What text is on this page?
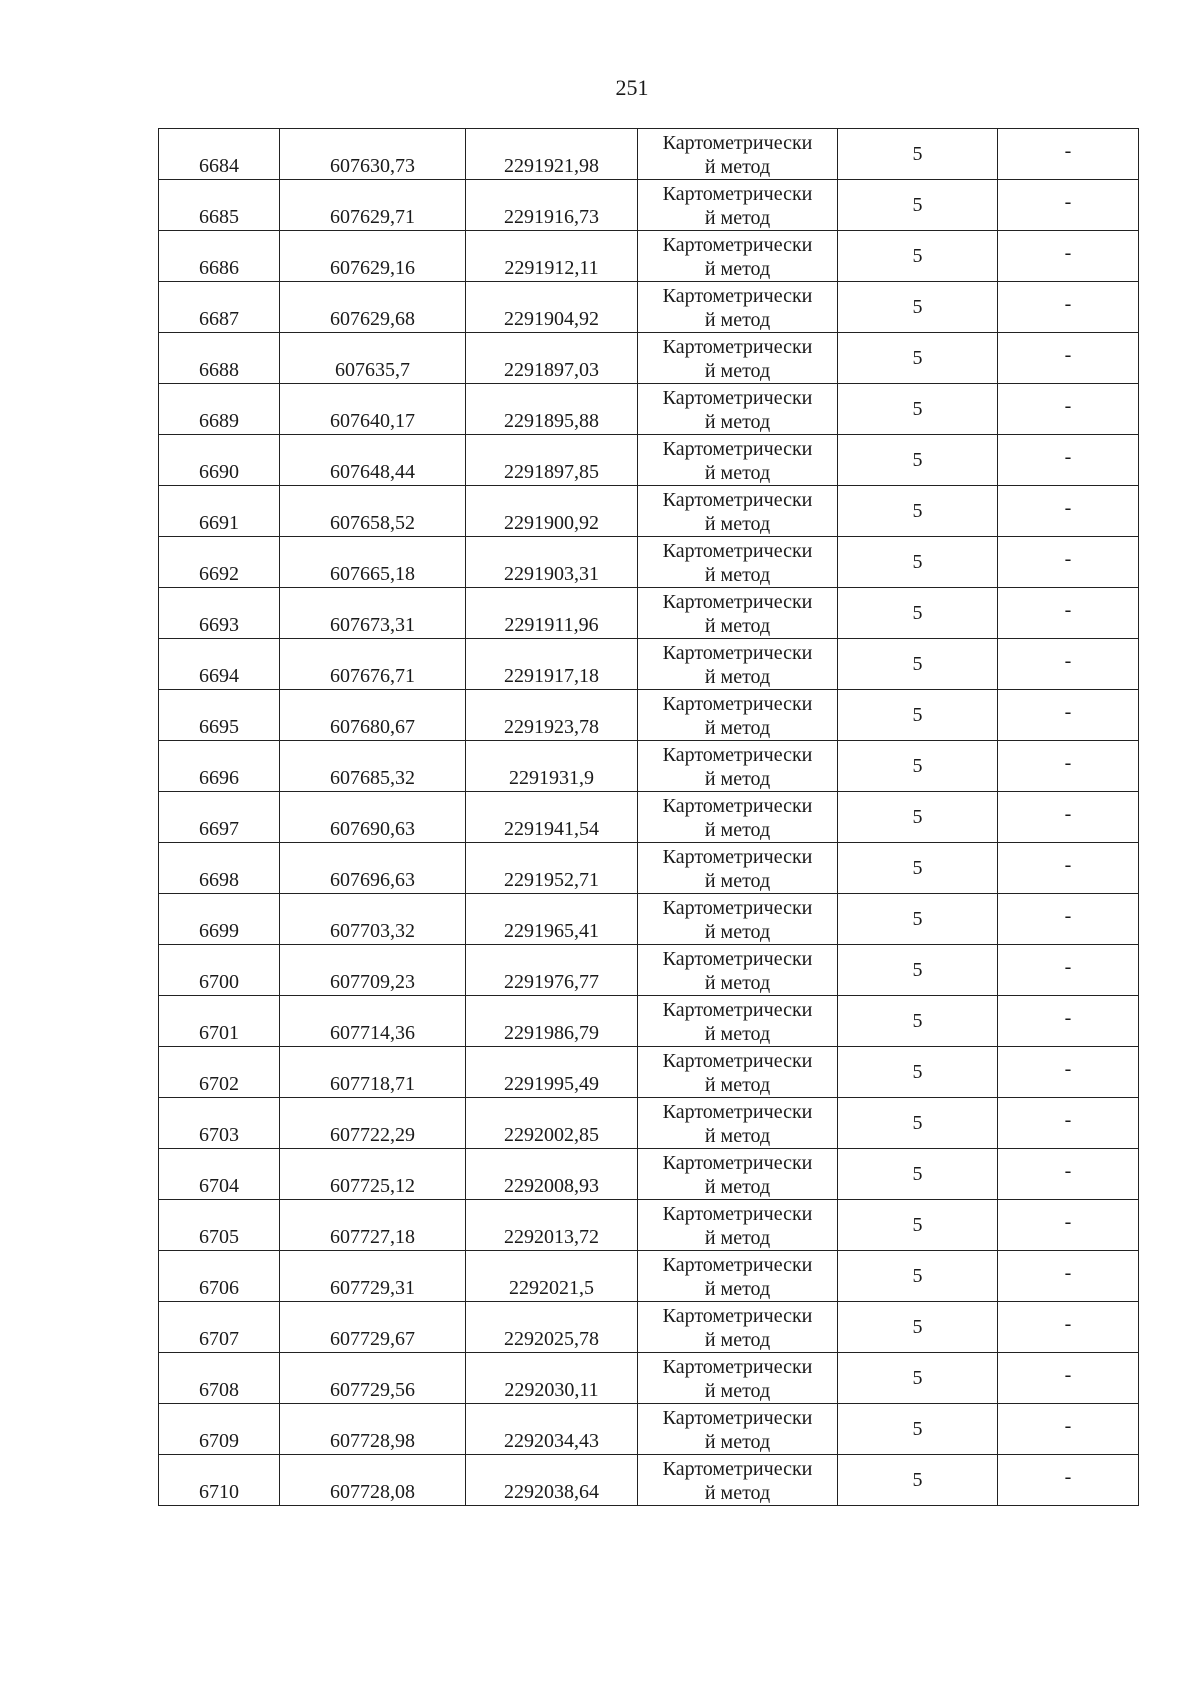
251
6684	607630,73	2291921,98	Картометрически
й метод	5	-
6685	607629,71	2291916,73	Картометрически
й метод	5	-
6686	607629,16	2291912,11	Картометрически
й метод	5	-
6687	607629,68	2291904,92	Картометрически
й метод	5	-
6688	607635,7	2291897,03	Картометрически
й метод	5	-
6689	607640,17	2291895,88	Картометрически
й метод	5	-
6690	607648,44	2291897,85	Картометрически
й метод	5	-
6691	607658,52	2291900,92	Картометрически
й метод	5	-
6692	607665,18	2291903,31	Картометрически
й метод	5	-
6693	607673,31	2291911,96	Картометрически
й метод	5	-
6694	607676,71	2291917,18	Картометрически
й метод	5	-
6695	607680,67	2291923,78	Картометрически
й метод	5	-
6696	607685,32	2291931,9	Картометрически
й метод	5	-
6697	607690,63	2291941,54	Картометрически
й метод	5	-
6698	607696,63	2291952,71	Картометрически
й метод	5	-
6699	607703,32	2291965,41	Картометрически
й метод	5	-
6700	607709,23	2291976,77	Картометрически
й метод	5	-
6701	607714,36	2291986,79	Картометрически
й метод	5	-
6702	607718,71	2291995,49	Картометрически
й метод	5	-
6703	607722,29	2292002,85	Картометрически
й метод	5	-
6704	607725,12	2292008,93	Картометрически
й метод	5	-
6705	607727,18	2292013,72	Картометрически
й метод	5	-
6706	607729,31	2292021,5	Картометрически
й метод	5	-
6707	607729,67	2292025,78	Картометрически
й метод	5	-
6708	607729,56	2292030,11	Картометрически
й метод	5	-
6709	607728,98	2292034,43	Картометрически
й метод	5	-
6710	607728,08	2292038,64	Картометрически
й метод	5	-
